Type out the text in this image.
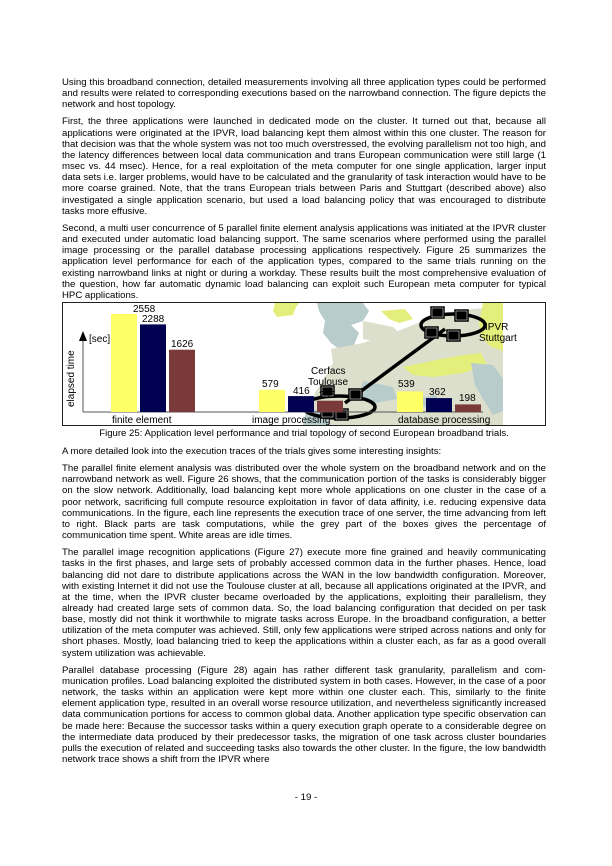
Using this broadband connection, detailed measurements involving all three application types could be performed and results were related to corresponding executions based on the narrowband connection. The figure depicts the network and host topology.

First, the three applications were launched in dedicated mode on the cluster. It turned out that, because all applications were originated at the IPVR, load balancing kept them almost within this one cluster. The reason for that decision was that the whole system was not too much overstressed, the evolving parallelism not too high, and the latency differences between local data communication and trans European communication were still large (1 msec vs. 44 msec). Hence, for a real exploitation of the meta computer for one single application, larger input data sets i.e. larger problems, would have to be calculated and the granularity of task interaction would have to be more coarse grained. Note, that the trans European trials between Paris and Stuttgart (described above) also investigated a single application scenario, but used a load balancing policy that was encouraged to distribute tasks more effusive.

Second, a multi user concurrence of 5 parallel finite element analysis applications was initiated at the IPVR cluster and executed under automatic load balancing support. The same scenarios where performed using the parallel image processing or the parallel database processing applications respectively. Figure 25 summarizes the application level performance for each of the application types, compared to the same trials running on the existing narrowband links at night or during a workday. These results built the most comprehensive evaluation of the question, how far automatic dynamic load balancing can exploit such European meta computer for typical HPC applications.

IPVR
Stuttgart
Cerfacs
Toulouse
[sec]
elapsed time
2558
2288
1626
579
416 295
539
362
198
finite element	image processing	database processing
Figure 25: Application level performance and trial topology of second European broadband trials.

A more detailed look into the execution traces of the trials gives some interesting insights:

The parallel finite element analysis was distributed over the whole system on the broadband network and on the narrowband network as well. Figure 26 shows, that the communication portion of the tasks is considerably bigger on the slow network. Additionally, load balancing kept more whole applications on one cluster in the case of a poor network, sacrificing full compute resource exploitation in favor of data affinity, i.e. reducing expensive data communications. In the figure, each line represents the execution trace of one server, the time advancing from left to right. Black parts are task computations, while the grey part of the boxes gives the percentage of communication time spent. White areas are idle times.

The parallel image recognition applications (Figure 27) execute more fine grained and heavily communicating tasks in the first phases, and large sets of probably accessed common data in the further phases. Hence, load balancing did not dare to distribute applications across the WAN in the low bandwidth configuration. Moreover, with existing Internet it did not use the Toulouse cluster at all, because all applications originated at the IPVR, and at the time, when the IPVR cluster became overloaded by the applications, exploiting their parallelism, they already had created large sets of common data. So, the load balancing configuration that decided on per task base, mostly did not think it worthwhile to migrate tasks across Europe. In the broadband configuration, a better utilization of the meta computer was achieved. Still, only few applications were striped across nations and only for short phases. Mostly, load balancing tried to keep the applications within a cluster each, as far as a good overall system utilization was achievable.

Parallel database processing (Figure 28) again has rather different task granularity, parallelism and communication profiles. Load balancing exploited the distributed system in both cases. However, in the case of a poor network, the tasks within an application were kept more within one cluster each. This, similarly to the finite element application type, resulted in an overall worse resource utilization, and nevertheless significantly increased data communication portions for access to common global data. Another application type specific observation can be made here: Because the successor tasks within a query execution graph operate to a considerable degree on the intermediate data produced by their predecessor tasks, the migration of one task across cluster boundaries pulls the execution of related and succeeding tasks also towards the other cluster. In the figure, the low bandwidth network trace shows a shift from the IPVR where

- 19 -
